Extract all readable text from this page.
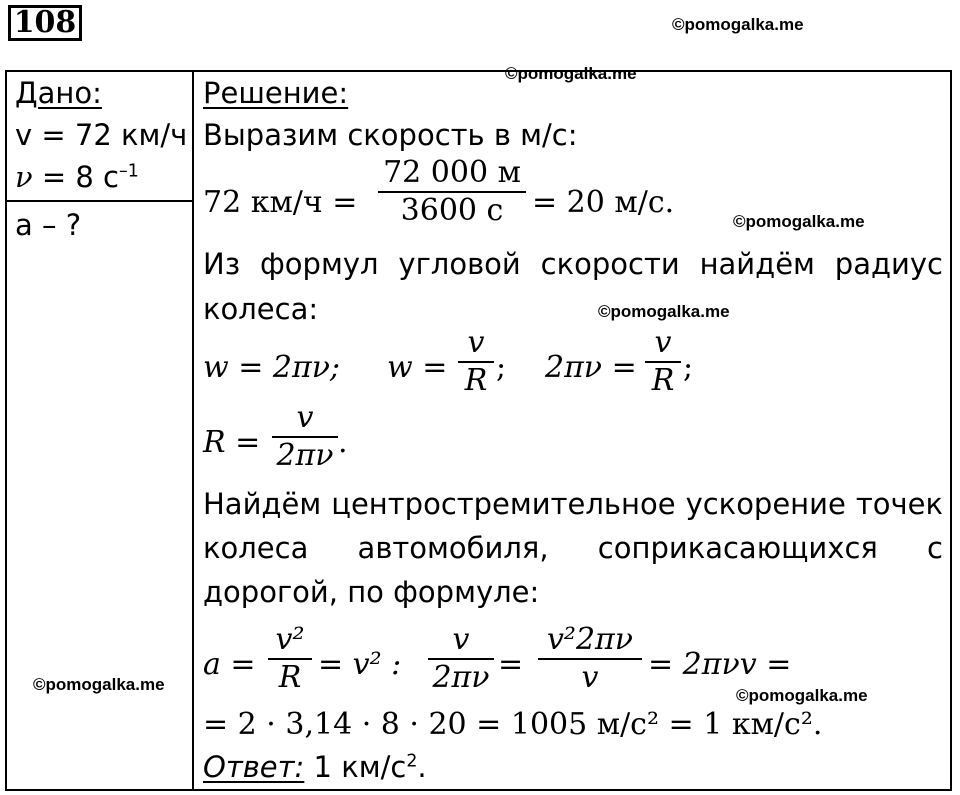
108	©pomogalka.me
©pomogalka.me
©pomogalka.me
©pomogalka.me
©pomogalka.me
©pomogalka.me
Дано:
v = 72 км/ч
ν = 8 $с^{-1}$
a – ?
Решение:
Выразим скорость в м/с:
72 км/ч =
72 000 м
3600 с = 20 м/с.
Из формул угловой скорости найдём радиус
колеса:
w = 2πν; w =
v
R ; 2πν =
v
R ;
R =
v
2πν .
Найдём центростремительное ускорение точек
колеса автомобиля, соприкасающихся с
дорогой, по формуле:
a =
v²
R = v² :
v
2πν =
v²2πν
v	= 2πνv =
= 2 · 3,14 · 8 · 20 = 1005 м/с² = 1 км/с².
Ответ: 1 $км/с^2$.
